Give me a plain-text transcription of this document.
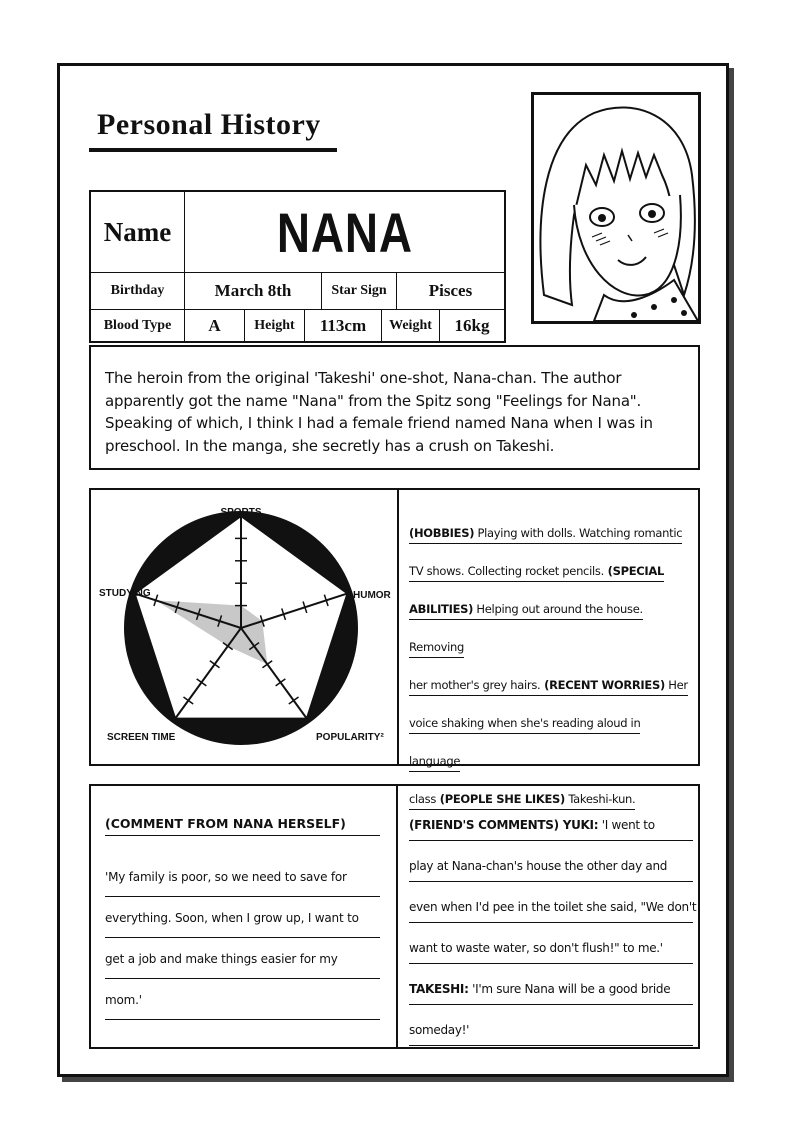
Personal History
Name NANA
Birthday	March 8th	Star Sign	Pisces
Blood Type	A	Height	113cm	Weight	16kg
The heroin from the original 'Takeshi' one-shot, Nana-chan. The author apparently got the name "Nana" from the Spitz song "Feelings for Nana". Speaking of which, I think I had a female friend named Nana when I was in preschool. In the manga, she secretly has a crush on Takeshi.
SPORTS
HUMOR
POPULARITY²
SCREEN TIME
STUDYING
(HOBBIES) Playing with dolls. Watching romantic
TV shows. Collecting rocket pencils. (SPECIAL
ABILITIES) Helping out around the house. Removing
her mother's grey hairs. (RECENT WORRIES) Her
voice shaking when she's reading aloud in language
class (PEOPLE SHE LIKES) Takeshi-kun.
(COMMENT FROM NANA HERSELF)
'My family is poor, so we need to save for
everything. Soon, when I grow up, I want to
get a job and make things easier for my
mom.'
(FRIEND'S COMMENTS) YUKI: 'I went to
play at Nana-chan's house the other day and
even when I'd pee in the toilet she said, "We don't
want to waste water, so don't flush!" to me.'
TAKESHI: 'I'm sure Nana will be a good bride
someday!'
